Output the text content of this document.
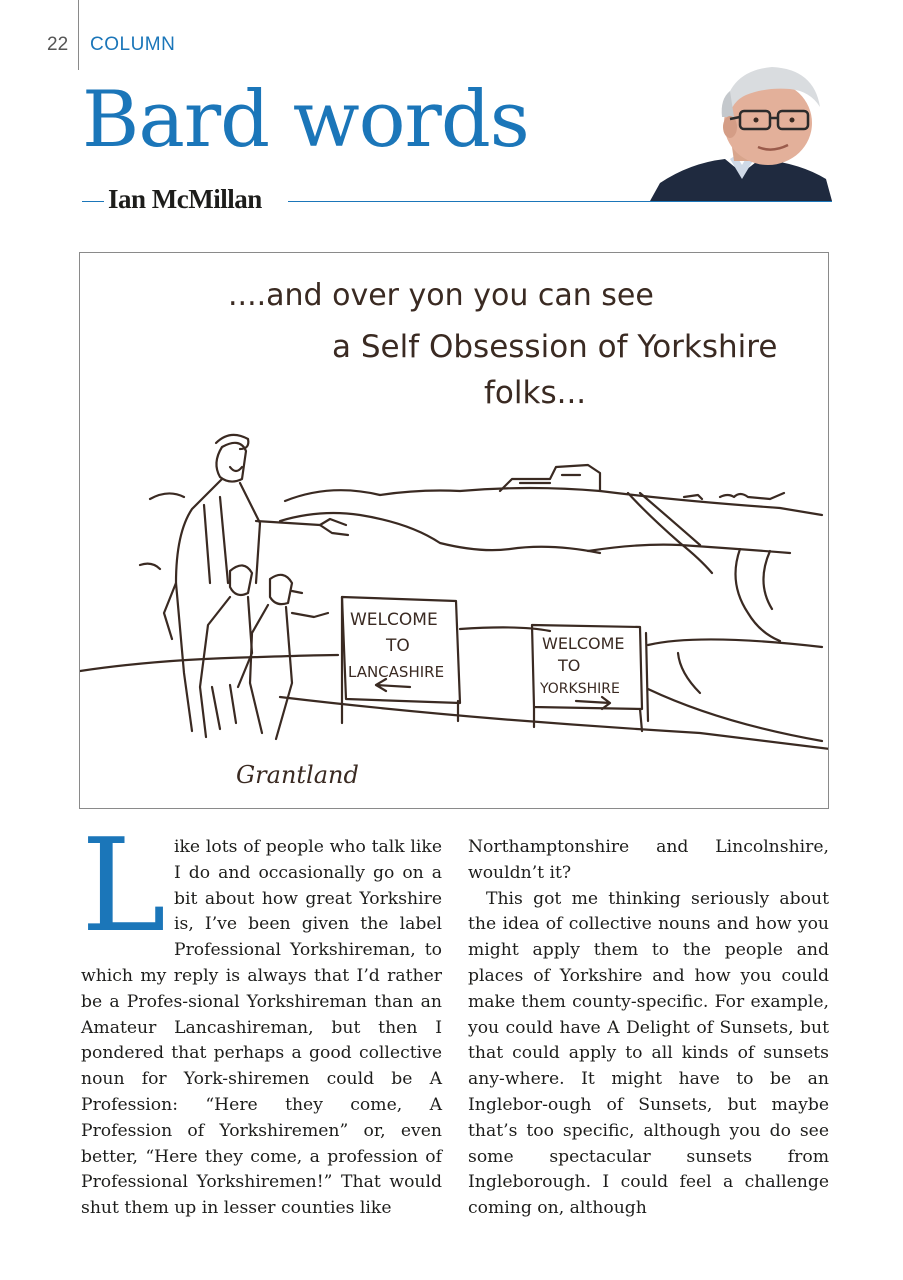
22 COLUMN
Bard words
Ian McMillan
....and over yon you can see
a Self Obsession of Yorkshire
folks...
WELCOME
TO
LANCASHIRE
WELCOME
TO
YORKSHIRE
Grantland
L ike lots of people who talk like I do and occasionally go on a bit about how great Yorkshire is, I’ve been given the label Professional Yorkshireman, to which my reply is always that I’d rather be a Profes-sional Yorkshireman than an Amateur Lancashireman, but then I pondered that perhaps a good collective noun for York-shiremen could be A Profession: “Here they come, A Profession of Yorkshiremen” or, even better, “Here they come, a profession of Professional Yorkshiremen!” That would shut them up in lesser counties like

Northamptonshire and Lincolnshire, wouldn’t it?

This got me thinking seriously about the idea of collective nouns and how you might apply them to the people and places of Yorkshire and how you could make them county-specific. For example, you could have A Delight of Sunsets, but that could apply to all kinds of sunsets any-where. It might have to be an Inglebor-ough of Sunsets, but maybe that’s too specific, although you do see some spectacular sunsets from Ingleborough. I could feel a challenge coming on, although
